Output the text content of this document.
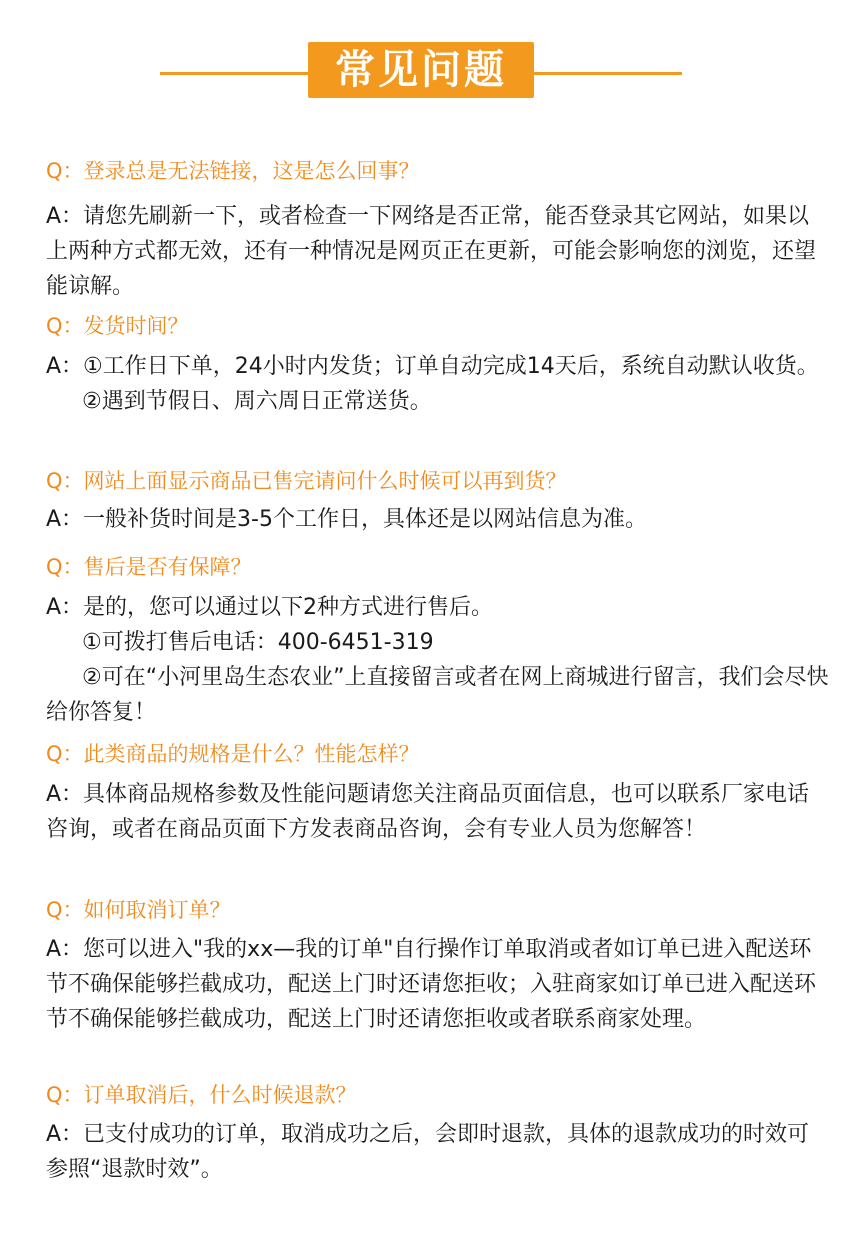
常见问题
Q：登录总是无法链接，这是怎么回事？

A：请您先刷新一下，或者检查一下网络是否正常，能否登录其它网站，如果以上两种方式都无效，还有一种情况是网页正在更新，可能会影响您的浏览，还望能谅解。

Q：发货时间？

A：①工作日下单，24小时内发货；订单自动完成14天后，系统自动默认收货。

②遇到节假日、周六周日正常送货。

Q：网站上面显示商品已售完请问什么时候可以再到货？

A：一般补货时间是3-5个工作日，具体还是以网站信息为准。

Q：售后是否有保障？

A：是的，您可以通过以下2种方式进行售后。

①可拨打售后电话：400-6451-319

②可在“小河里岛生态农业”上直接留言或者在网上商城进行留言，我们会尽快给你答复！

Q：此类商品的规格是什么？性能怎样？

A：具体商品规格参数及性能问题请您关注商品页面信息，也可以联系厂家电话咨询，或者在商品页面下方发表商品咨询，会有专业人员为您解答！

Q：如何取消订单？

A：您可以进入"我的xx—我的订单"自行操作订单取消或者如订单已进入配送环节不确保能够拦截成功，配送上门时还请您拒收；入驻商家如订单已进入配送环节不确保能够拦截成功，配送上门时还请您拒收或者联系商家处理。

Q：订单取消后，什么时候退款？

A：已支付成功的订单，取消成功之后，会即时退款，具体的退款成功的时效可参照“退款时效”。
